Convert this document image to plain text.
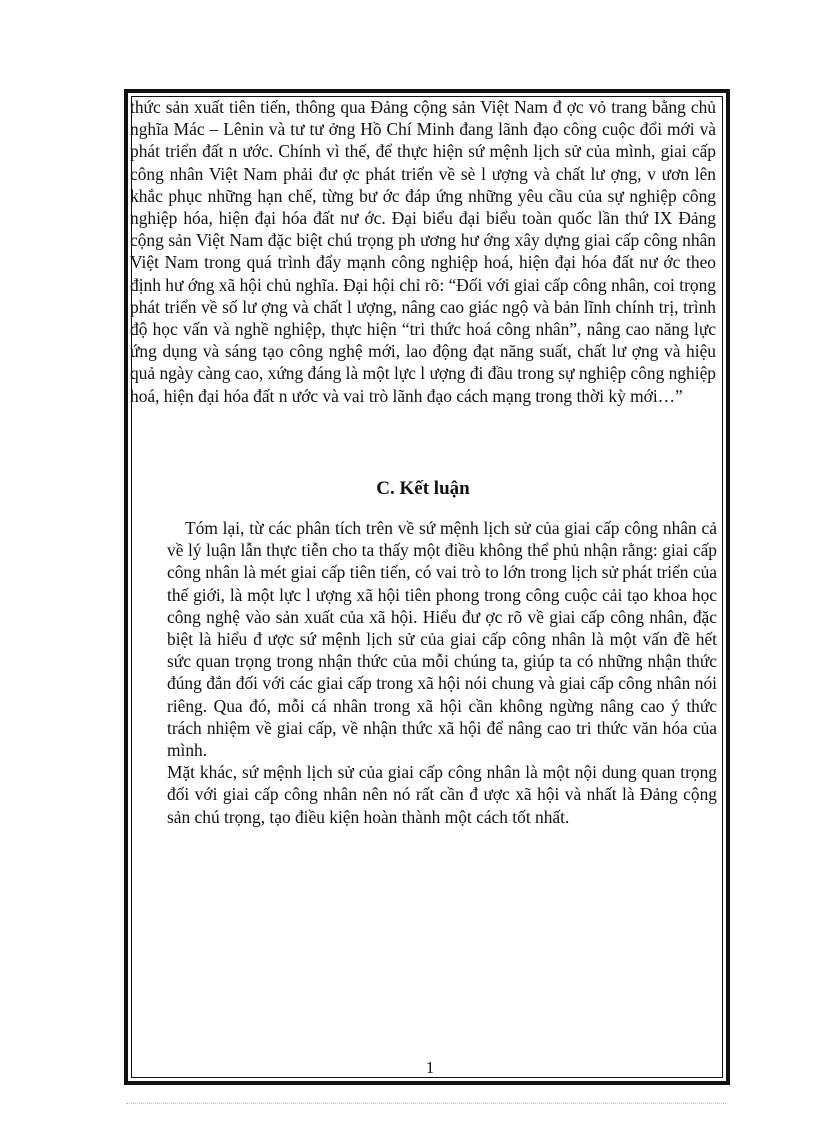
thức sản xuất tiên tiến, thông qua Đảng cộng sản Việt Nam đ ợc vỏ trang bằng chủ nghĩa Mác – Lênin và tư tư ởng Hồ Chí Minh đang lãnh đạo công cuộc đổi mới và phát triển đất n ước. Chính vì thế, để thực hiện sứ mệnh lịch sử của mình, giai cấp công nhân Việt Nam phải đư ợc phát triển về sè l ượng và chất lư ợng, v ươn lên khắc phục những hạn chế, từng bư ớc đáp ứng những yêu cầu của sự nghiệp công nghiệp hóa, hiện đại hóa đất nư ớc. Đại biểu đại biểu toàn quốc lần thứ IX Đảng cộng sản Việt Nam đặc biệt chú trọng ph ương hư ớng xây dựng giai cấp công nhân Việt Nam trong quá trình đẩy mạnh công nghiệp hoá, hiện đại hóa đất nư ớc theo định hư ớng xã hội chủ nghĩa. Đại hội chỉ rõ: “Đối với giai cấp công nhân, coi trọng phát triển về số lư ợng và chất l ượng, nâng cao giác ngộ và bản lĩnh chính trị, trình độ học vấn và nghề nghiệp, thực hiện “tri thức hoá công nhân”, nâng cao năng lực ứng dụng và sáng tạo công nghệ mới, lao động đạt năng suất, chất lư ợng và hiệu quả ngày càng cao, xứng đáng là một lực l ượng đi đầu trong sự nghiệp công nghiệp hoá, hiện đại hóa đất n ước và vai trò lãnh đạo cách mạng trong thời kỳ mới…”

C. Kết luận

Tóm lại, từ các phân tích trên về sứ mệnh lịch sử của giai cấp công nhân cả về lý luận lẫn thực tiễn cho ta thấy một điều không thể phủ nhận rằng: giai cấp công nhân là mét giai cấp tiên tiến, có vai trò to lớn trong lịch sử phát triển của thế giới, là một lực l ượng xã hội tiên phong trong công cuộc cải tạo khoa học công nghệ vào sản xuất của xã hội. Hiểu đư ợc rõ về giai cấp công nhân, đặc biệt là hiểu đ ược sứ mệnh lịch sử của giai cấp công nhân là một vấn đề hết sức quan trọng trong nhận thức của mỗi chúng ta, giúp ta có những nhận thức đúng đắn đối với các giai cấp trong xã hội nói chung và giai cấp công nhân nói riêng. Qua đó, mỗi cá nhân trong xã hội cần không ngừng nâng cao ý thức trách nhiệm về giai cấp, về nhận thức xã hội để nâng cao tri thức văn hóa của mình.

Mặt khác, sứ mệnh lịch sử của giai cấp công nhân là một nội dung quan trọng đối với giai cấp công nhân nên nó rất cần đ ược xã hội và nhất là Đảng cộng sản chú trọng, tạo điều kiện hoàn thành một cách tốt nhất.

1
